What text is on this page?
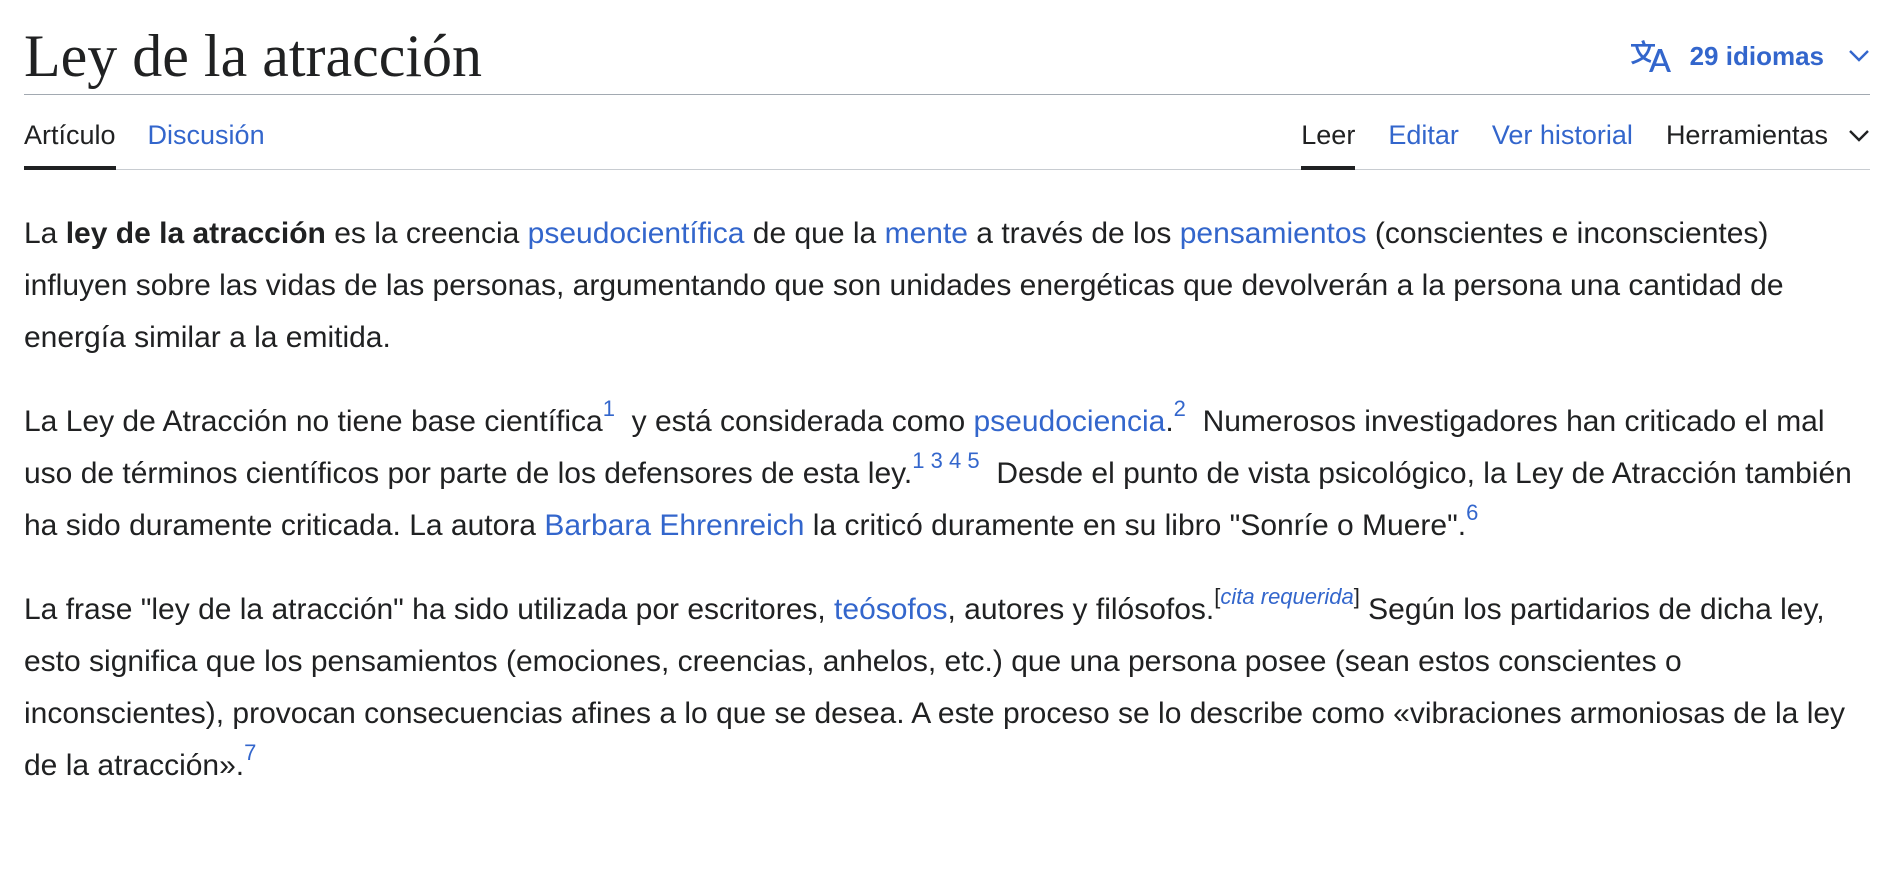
Ley de la atracción	29 idiomas
Artículo Discusión	Leer Editar Ver historial Herramientas

La ley de la atracción es la creencia pseudocientífica de que la mente a través de los pensamientos (conscientes e inconscientes) influyen sobre las vidas de las personas, argumentando que son unidades energéticas que devolverán a la persona una cantidad de energía similar a la emitida.

La Ley de Atracción no tiene base científica$^1$  y está considerada como pseudociencia.$^2$  Numerosos investigadores han criticado el mal uso de términos científicos por parte de los defensores de esta ley.$^{1 3 4 5}$  Desde el punto de vista psicológico, la Ley de Atracción también ha sido duramente criticada. La autora Barbara Ehrenreich la criticó duramente en su libro "Sonríe o Muere".$^6$

La frase "ley de la atracción" ha sido utilizada por escritores, teósofos, autores y filósofos.[cita requerida] Según los partidarios de dicha ley, esto significa que los pensamientos (emociones, creencias, anhelos, etc.) que una persona posee (sean estos conscientes o inconscientes), provocan consecuencias afines a lo que se desea. A este proceso se lo describe como «vibraciones armoniosas de la ley de la atracción».$^7$
